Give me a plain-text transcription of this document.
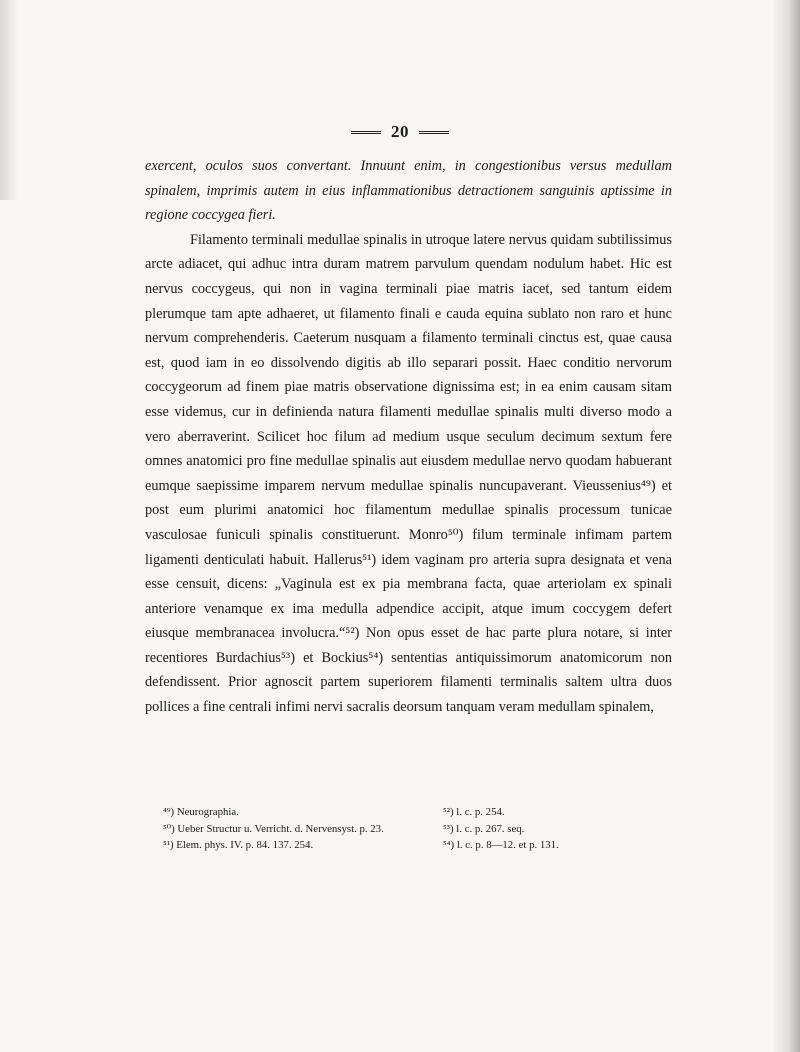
20

exercent, oculos suos convertant. Innuunt enim, in congestionibus versus medullam spinalem, imprimis autem in eius inflammationibus detractionem sanguinis aptissime in regione coccygea fieri.

Filamento terminali medullae spinalis in utroque latere nervus quidam subtilissimus arcte adiacet, qui adhuc intra duram matrem parvulum quendam nodulum habet. Hic est nervus coccygeus, qui non in vagina terminali piae matris iacet, sed tantum eidem plerumque tam apte adhaeret, ut filamento finali e cauda equina sublato non raro et hunc nervum comprehenderis. Caeterum nusquam a filamento terminali cinctus est, quae causa est, quod iam in eo dissolvendo digitis ab illo separari possit. Haec conditio nervorum coccygeorum ad finem piae matris observatione dignissima est; in ea enim causam sitam esse videmus, cur in definienda natura filamenti medullae spinalis multi diverso modo a vero aberraverint. Scilicet hoc filum ad medium usque seculum decimum sextum fere omnes anatomici pro fine medullae spinalis aut eiusdem medullae nervo quodam habuerant eumque saepissime imparem nervum medullae spinalis nuncupaverant. Vieussenius⁴⁹) et post eum plurimi anatomici hoc filamentum medullae spinalis processum tunicae vasculosae funiculi spinalis constituerunt. Monro⁵⁰) filum terminale infimam partem ligamenti denticulati habuit. Hallerus⁵¹) idem vaginam pro arteria supra designata et vena esse censuit, dicens: „Vaginula est ex pia membrana facta, quae arteriolam ex spinali anteriore venamque ex ima medulla adpendice accipit, atque imum coccygem defert eiusque membranacea involucra.“⁵²) Non opus esset de hac parte plura notare, si inter recentiores Burdachius⁵³) et Bockius⁵⁴) sententias antiquissimorum anatomicorum non defendissent. Prior agnoscit partem superiorem filamenti terminalis saltem ultra duos pollices a fine centrali infimi nervi sacralis deorsum tanquam veram medullam spinalem,

⁴⁹) Neurographia.
⁵⁰) Ueber Structur u. Verricht. d. Nervensyst. p. 23.
⁵¹) Elem. phys. IV. p. 84. 137. 254.
⁵²) l. c. p. 254.
⁵³) l. c. p. 267. seq.
⁵⁴) l. c. p. 8—12. et p. 131.
